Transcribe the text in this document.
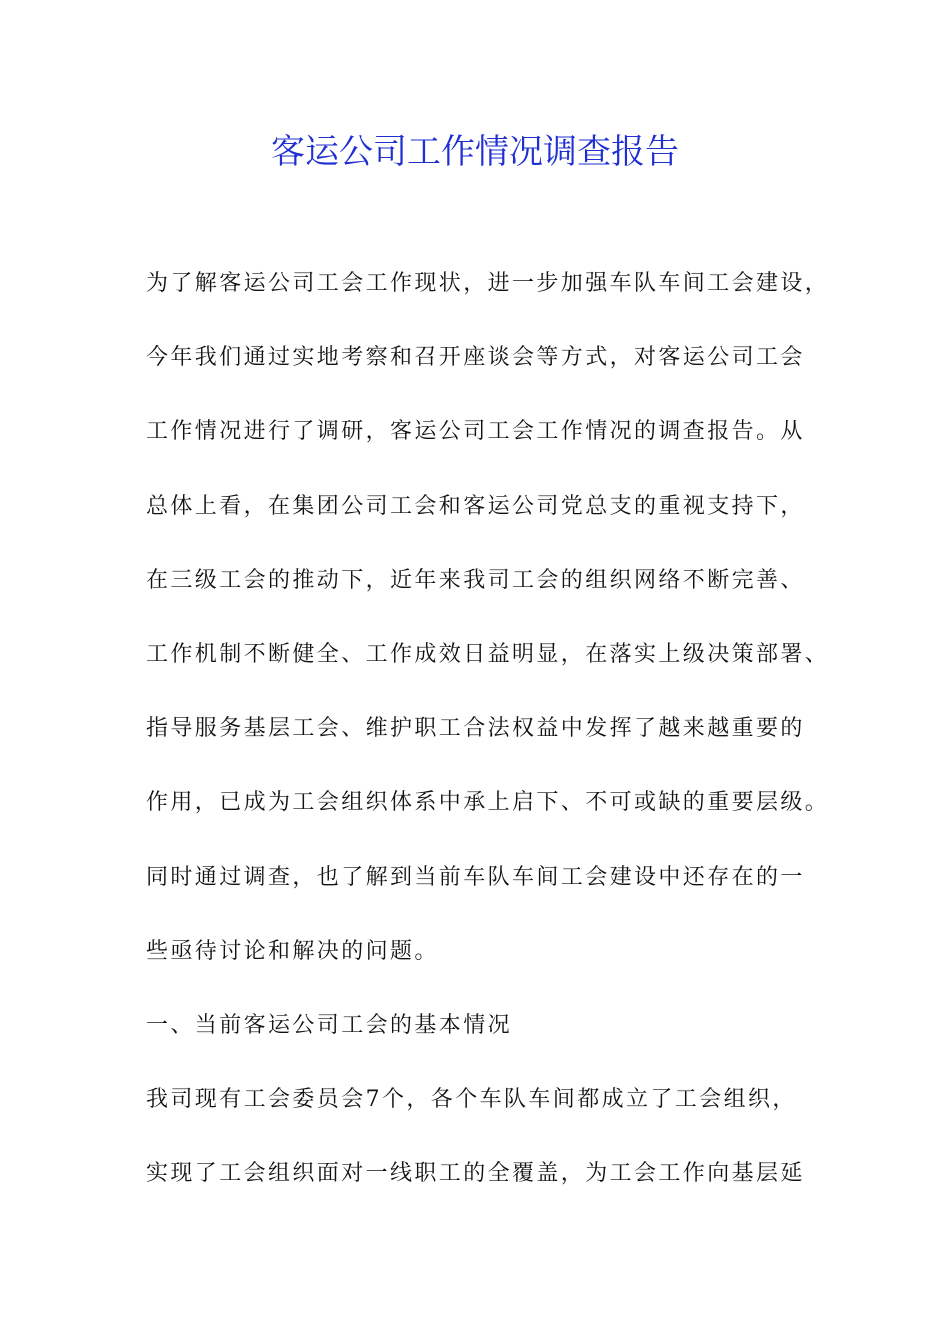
客运公司工作情况调查报告
为了解客运公司工会工作现状，进一步加强车队车间工会建设，
今年我们通过实地考察和召开座谈会等方式，对客运公司工会
工作情况进行了调研，客运公司工会工作情况的调查报告。从
总体上看，在集团公司工会和客运公司党总支的重视支持下，
在三级工会的推动下，近年来我司工会的组织网络不断完善、
工作机制不断健全、工作成效日益明显，在落实上级决策部署、
指导服务基层工会、维护职工合法权益中发挥了越来越重要的
作用，已成为工会组织体系中承上启下、不可或缺的重要层级。
同时通过调查，也了解到当前车队车间工会建设中还存在的一
些亟待讨论和解决的问题。
一、当前客运公司工会的基本情况
我司现有工会委员会7个，各个车队车间都成立了工会组织，
实现了工会组织面对一线职工的全覆盖，为工会工作向基层延
